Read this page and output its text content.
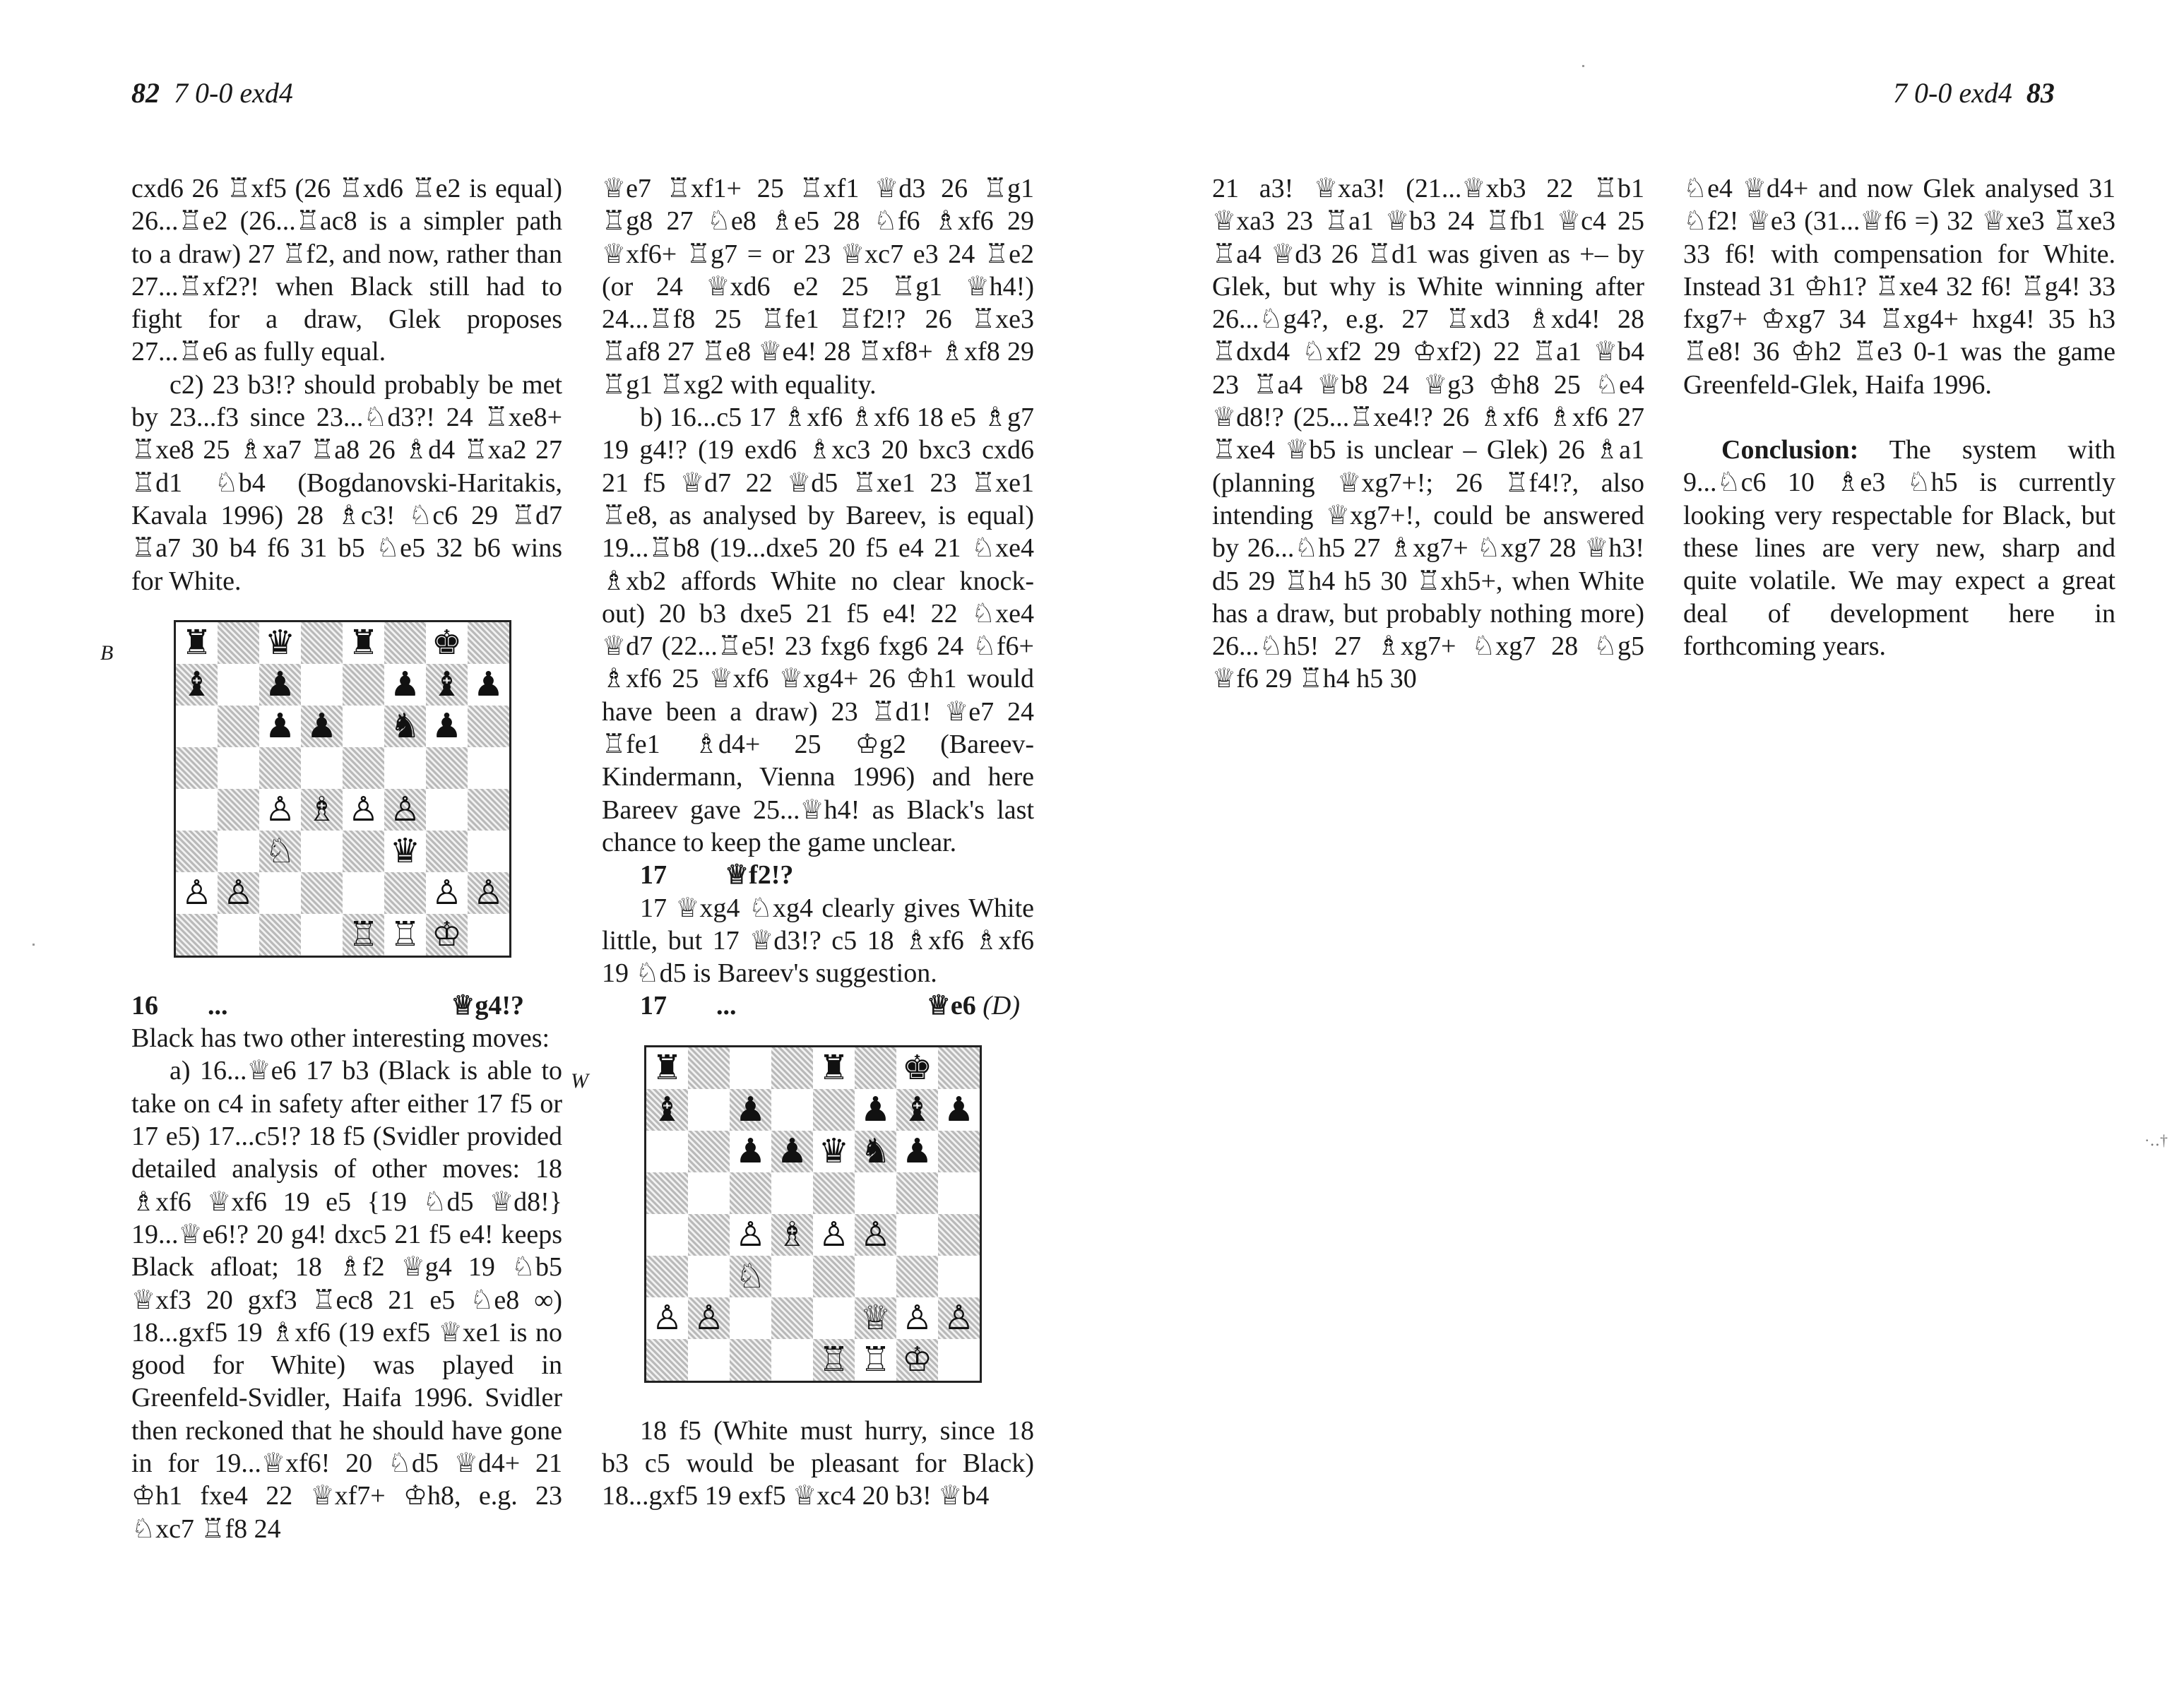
82 7 0-0 exd4	7 0-0 exd4 83

cxd6 26 ♖xf5 (26 ♖xd6 ♖e2 is equal) 26...♖e2 (26...♖ac8 is a simpler path to a draw) 27 ♖f2, and now, rather than 27...♖xf2?! when Black still had to fight for a draw, Glek proposes 27...♖e6 as fully equal.

c2) 23 b3!? should probably be met by 23...f3 since 23...♘d3?! 24 ♖xe8+ ♖xe8 25 ♗xa7 ♖a8 26 ♗d4 ♖xa2 27 ♖d1 ♘b4 (Bogdanovski-Haritakis, Kavala 1996) 28 ♗c3! ♘c6 29 ♖d7 ♖a7 30 b4 f6 31 b5 ♘e5 32 b6 wins for White.

B ♜ ♛ ♜ ♚
♝ ♟	♟ ♝ ♟
♟ ♟ ♞ ♟
♙ ♗ ♙ ♙
♘	♛
♙ ♙	♙ ♙
♖ ♖ ♔
16	...	♕g4!?

Black has two other interesting moves:

a) 16...♕e6 17 b3 (Black is able to take on c4 in safety after either 17 f5 or 17 e5) 17...c5!? 18 f5 (Svidler provided detailed analysis of other moves: 18 ♗xf6 ♕xf6 19 e5 {19 ♘d5 ♕d8!} 19...♕e6!? 20 g4! dxc5 21 f5 e4! keeps Black afloat; 18 ♗f2 ♕g4 19 ♘b5 ♕xf3 20 gxf3 ♖ec8 21 e5 ♘e8 ∞) 18...gxf5 19 ♗xf6 (19 exf5 ♕xe1 is no good for White) was played in Greenfeld-Svidler, Haifa 1996. Svidler then reckoned that he should have gone in for 19...♕xf6! 20 ♘d5 ♕d4+ 21 ♔h1 fxe4 22 ♕xf7+ ♔h8, e.g. 23 ♘xc7 ♖f8 24

♕e7 ♖xf1+ 25 ♖xf1 ♕d3 26 ♖g1 ♖g8 27 ♘e8 ♗e5 28 ♘f6 ♗xf6 29 ♕xf6+ ♖g7 = or 23 ♕xc7 e3 24 ♖e2 (or 24 ♕xd6 e2 25 ♖g1 ♕h4!) 24...♖f8 25 ♖fe1 ♖f2!? 26 ♖xe3 ♖af8 27 ♖e8 ♕e4! 28 ♖xf8+ ♗xf8 29 ♖g1 ♖xg2 with equality.

b) 16...c5 17 ♗xf6 ♗xf6 18 e5 ♗g7 19 g4!? (19 exd6 ♗xc3 20 bxc3 cxd6 21 f5 ♕d7 22 ♕d5 ♖xe1 23 ♖xe1 ♖e8, as analysed by Bareev, is equal) 19...♖b8 (19...dxe5 20 f5 e4 21 ♘xe4 ♗xb2 affords White no clear knock-out) 20 b3 dxe5 21 f5 e4! 22 ♘xe4 ♕d7 (22...♖e5! 23 fxg6 fxg6 24 ♘f6+ ♗xf6 25 ♕xf6 ♕xg4+ 26 ♔h1 would have been a draw) 23 ♖d1! ♕e7 24 ♖fe1 ♗d4+ 25 ♔g2 (Bareev-Kindermann, Vienna 1996) and here Bareev gave 25...♕h4! as Black's last chance to keep the game unclear.

17	♕f2!?

17 ♕xg4 ♘xg4 clearly gives White little, but 17 ♕d3!? c5 18 ♗xf6 ♗xf6 19 ♘d5 is Bareev's suggestion.

17	...	♕e6 (D)
W ♜	♜ ♚
♝ ♟	♟ ♝ ♟
♟ ♟ ♛ ♞ ♟
♙ ♗ ♙ ♙
♘
♙ ♙	♕ ♙ ♙
♖ ♖ ♔

18 f5 (White must hurry, since 18 b3 c5 would be pleasant for Black) 18...gxf5 19 exf5 ♕xc4 20 b3! ♕b4

21 a3! ♕xa3! (21...♕xb3 22 ♖b1 ♕xa3 23 ♖a1 ♕b3 24 ♖fb1 ♕c4 25 ♖a4 ♕d3 26 ♖d1 was given as +– by Glek, but why is White winning after 26...♘g4?, e.g. 27 ♖xd3 ♗xd4! 28 ♖dxd4 ♘xf2 29 ♔xf2) 22 ♖a1 ♕b4 23 ♖a4 ♕b8 24 ♕g3 ♔h8 25 ♘e4 ♕d8!? (25...♖xe4!? 26 ♗xf6 ♗xf6 27 ♖xe4 ♕b5 is unclear – Glek) 26 ♗a1 (planning ♕xg7+!; 26 ♖f4!?, also intending ♕xg7+!, could be answered by 26...♘h5 27 ♗xg7+ ♘xg7 28 ♕h3! d5 29 ♖h4 h5 30 ♖xh5+, when White has a draw, but probably nothing more) 26...♘h5! 27 ♗xg7+ ♘xg7 28 ♘g5 ♕f6 29 ♖h4 h5 30

♘e4 ♕d4+ and now Glek analysed 31 ♘f2! ♕e3 (31...♕f6 =) 32 ♕xe3 ♖xe3 33 f6! with compensation for White. Instead 31 ♔h1? ♖xe4 32 f6! ♖g4! 33 fxg7+ ♔xg7 34 ♖xg4+ hxg4! 35 h3 ♖e8! 36 ♔h2 ♖e3 0-1 was the game Greenfeld-Glek, Haifa 1996.

Conclusion: The system with 9...♘c6 10 ♗e3 ♘h5 is currently looking very respectable for Black, but these lines are very new, sharp and quite volatile. We may expect a great deal of development here in forthcoming years.

·‥†
